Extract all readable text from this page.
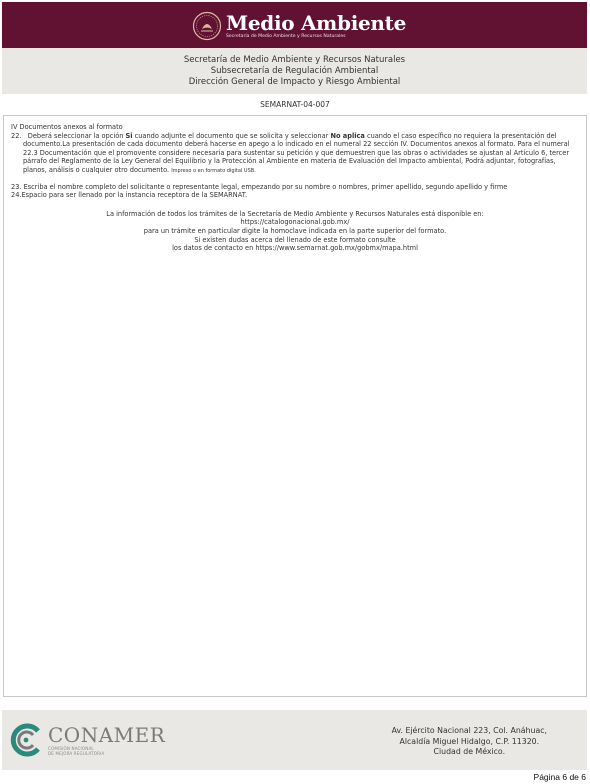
Medio Ambiente
Secretaría de Medio Ambiente y Recursos Naturales
Secretaría de Medio Ambiente y Recursos Naturales
Subsecretaría de Regulación Ambiental
Dirección General de Impacto y Riesgo Ambiental
SEMARNAT-04-007

IV Documentos anexos al formato

22. Deberá seleccionar la opción Si cuando adjunte el documento que se solicita y seleccionar No aplica cuando el caso específico no requiera la presentación del documento.La presentación de cada documento deberá hacerse en apego a lo indicado en el numeral 22 sección IV. Documentos anexos al formato. Para el numeral 22.3 Documentación que el promovente considere necesaria para sustentar su petición y que demuestren que las obras o actividades se ajustan al Artículo 6, tercer párrafo del Reglamento de la Ley General del Equilibrio y la Protección al Ambiente en materia de Evaluación del Impacto ambiental, Podrá adjuntar, fotografías, planos, análisis o cualquier otro documento. Impreso o en formato digital USB.

23. Escriba el nombre completo del solicitante o representante legal, empezando por su nombre o nombres, primer apellido, segundo apellido y firme

24.Espacio para ser llenado por la instancia receptora de la SEMARNAT.

La información de todos los trámites de la Secretaría de Medio Ambiente y Recursos Naturales está disponible en:

https://catalogonacional.gob.mx/

para un trámite en particular digite la homoclave indicada en la parte superior del formato.

Si existen dudas acerca del llenado de este formato consulte

los datos de contacto en https://www.semarnat.gob.mx/gobmx/mapa.html

CONAMER
COMISIÓN NACIONAL
DE MEJORA REGULATORIA
Av. Ejército Nacional 223, Col. Anáhuac,
Alcaldía Miguel Hidalgo, C.P. 11320.
Ciudad de México.
Página 6 de 6
